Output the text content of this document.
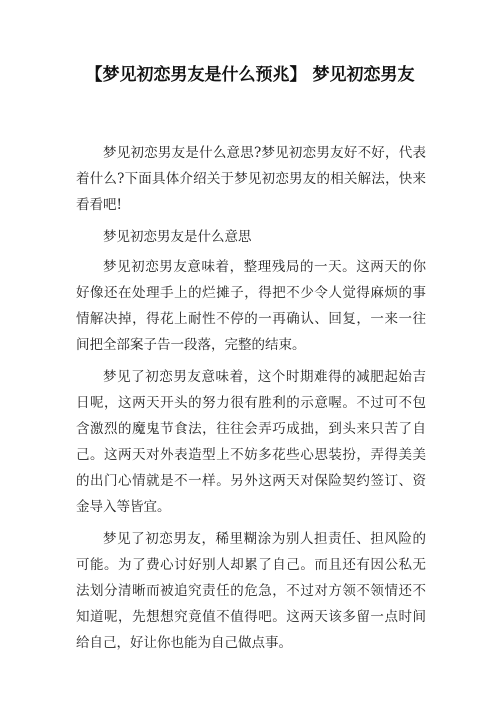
【梦见初恋男友是什么预兆】 梦见初恋男友

梦见初恋男友是什么意思?梦见初恋男友好不好，代表着什么?下面具体介绍关于梦见初恋男友的相关解法，快来看看吧!

梦见初恋男友是什么意思

梦见初恋男友意味着，整理残局的一天。这两天的你好像还在处理手上的烂摊子，得把不少令人觉得麻烦的事情解决掉，得花上耐性不停的一再确认、回复，一来一往间把全部案子告一段落，完整的结束。

梦见了初恋男友意味着，这个时期难得的减肥起始吉日呢，这两天开头的努力很有胜利的示意喔。不过可不包含激烈的魔鬼节食法，往往会弄巧成拙，到头来只苦了自己。这两天对外表造型上不妨多花些心思装扮，弄得美美的出门心情就是不一样。另外这两天对保险契约签订、资金导入等皆宜。

梦见了初恋男友，稀里糊涂为别人担责任、担风险的可能。为了费心讨好别人却累了自己。而且还有因公私无法划分清晰而被追究责任的危急，不过对方领不领情还不知道呢，先想想究竟值不值得吧。这两天该多留一点时间给自己，好让你也能为自己做点事。
